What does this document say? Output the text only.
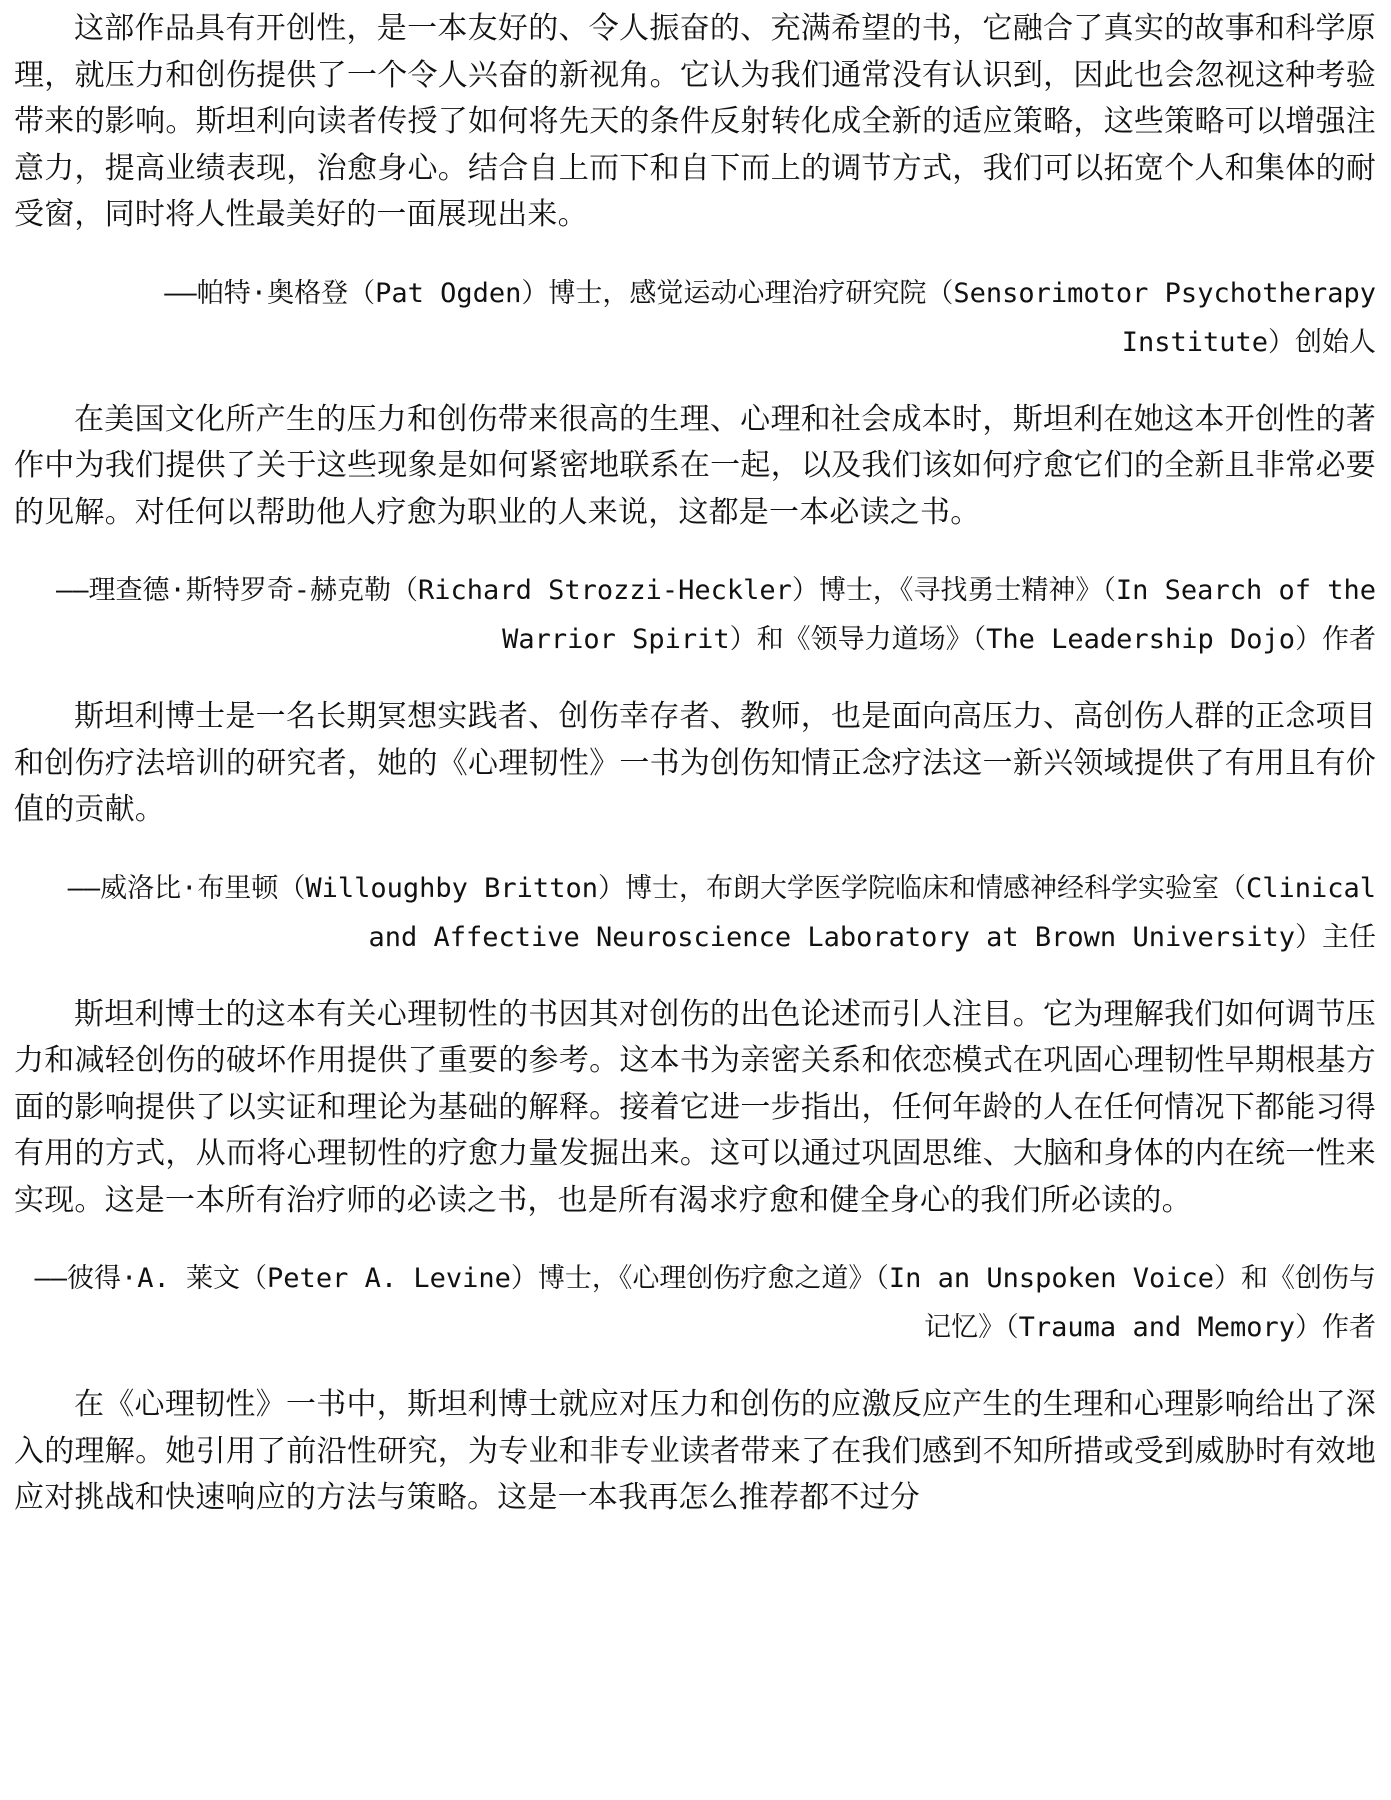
这部作品具有开创性，是一本友好的、令人振奋的、充满希望的书，它融合了真实的故事和科学原理，就压力和创伤提供了一个令人兴奋的新视角。它认为我们通常没有认识到，因此也会忽视这种考验带来的影响。斯坦利向读者传授了如何将先天的条件反射转化成全新的适应策略，这些策略可以增强注意力，提高业绩表现，治愈身心。结合自上而下和自下而上的调节方式，我们可以拓宽个人和集体的耐受窗，同时将人性最美好的一面展现出来。

——帕特·奥格登（Pat Ogden）博士，感觉运动心理治疗研究院（Sensorimotor Psychotherapy Institute）创始人

在美国文化所产生的压力和创伤带来很高的生理、心理和社会成本时，斯坦利在她这本开创性的著作中为我们提供了关于这些现象是如何紧密地联系在一起，以及我们该如何疗愈它们的全新且非常必要的见解。对任何以帮助他人疗愈为职业的人来说，这都是一本必读之书。

——理查德·斯特罗奇-赫克勒（Richard Strozzi-Heckler）博士，《寻找勇士精神》（In Search of the Warrior Spirit）和《领导力道场》（The Leadership Dojo）作者

斯坦利博士是一名长期冥想实践者、创伤幸存者、教师，也是面向高压力、高创伤人群的正念项目和创伤疗法培训的研究者，她的《心理韧性》一书为创伤知情正念疗法这一新兴领域提供了有用且有价值的贡献。

——威洛比·布里顿（Willoughby Britton）博士，布朗大学医学院临床和情感神经科学实验室（Clinical and Affective Neuroscience Laboratory at Brown University）主任

斯坦利博士的这本有关心理韧性的书因其对创伤的出色论述而引人注目。它为理解我们如何调节压力和减轻创伤的破坏作用提供了重要的参考。这本书为亲密关系和依恋模式在巩固心理韧性早期根基方面的影响提供了以实证和理论为基础的解释。接着它进一步指出，任何年龄的人在任何情况下都能习得有用的方式，从而将心理韧性的疗愈力量发掘出来。这可以通过巩固思维、大脑和身体的内在统一性来实现。这是一本所有治疗师的必读之书，也是所有渴求疗愈和健全身心的我们所必读的。

——彼得·A. 莱文（Peter A. Levine）博士，《心理创伤疗愈之道》（In an Unspoken Voice）和《创伤与记忆》（Trauma and Memory）作者

在《心理韧性》一书中，斯坦利博士就应对压力和创伤的应激反应产生的生理和心理影响给出了深入的理解。她引用了前沿性研究，为专业和非专业读者带来了在我们感到不知所措或受到威胁时有效地应对挑战和快速响应的方法与策略。这是一本我再怎么推荐都不过分
